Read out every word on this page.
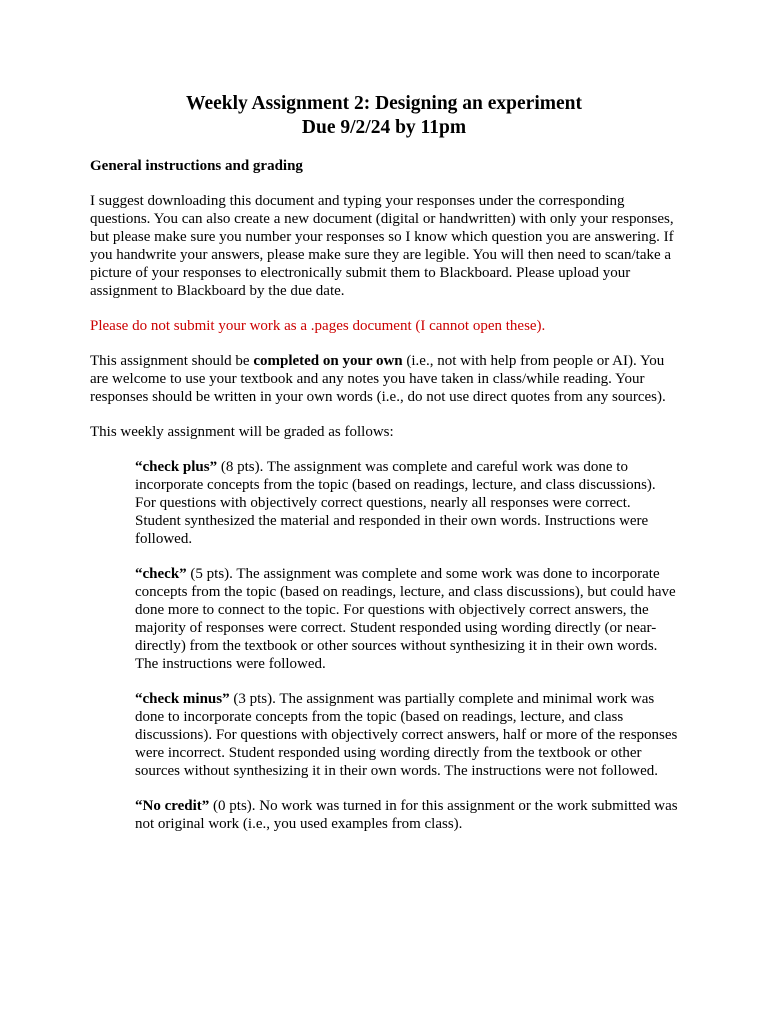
Weekly Assignment 2: Designing an experiment
Due 9/2/24 by 11pm
General instructions and grading

I suggest downloading this document and typing your responses under the corresponding questions. You can also create a new document (digital or handwritten) with only your responses, but please make sure you number your responses so I know which question you are answering. If you handwrite your answers, please make sure they are legible. You will then need to scan/take a picture of your responses to electronically submit them to Blackboard. Please upload your assignment to Blackboard by the due date.

Please do not submit your work as a .pages document (I cannot open these).

This assignment should be completed on your own (i.e., not with help from people or AI). You are welcome to use your textbook and any notes you have taken in class/while reading. Your responses should be written in your own words (i.e., do not use direct quotes from any sources).

This weekly assignment will be graded as follows:

“check plus” (8 pts). The assignment was complete and careful work was done to incorporate concepts from the topic (based on readings, lecture, and class discussions). For questions with objectively correct questions, nearly all responses were correct. Student synthesized the material and responded in their own words. Instructions were followed.

“check” (5 pts). The assignment was complete and some work was done to incorporate concepts from the topic (based on readings, lecture, and class discussions), but could have done more to connect to the topic. For questions with objectively correct answers, the majority of responses were correct. Student responded using wording directly (or near-directly) from the textbook or other sources without synthesizing it in their own words. The instructions were followed.

“check minus” (3 pts). The assignment was partially complete and minimal work was done to incorporate concepts from the topic (based on readings, lecture, and class discussions). For questions with objectively correct answers, half or more of the responses were incorrect. Student responded using wording directly from the textbook or other sources without synthesizing it in their own words. The instructions were not followed.

“No credit” (0 pts). No work was turned in for this assignment or the work submitted was not original work (i.e., you used examples from class).
